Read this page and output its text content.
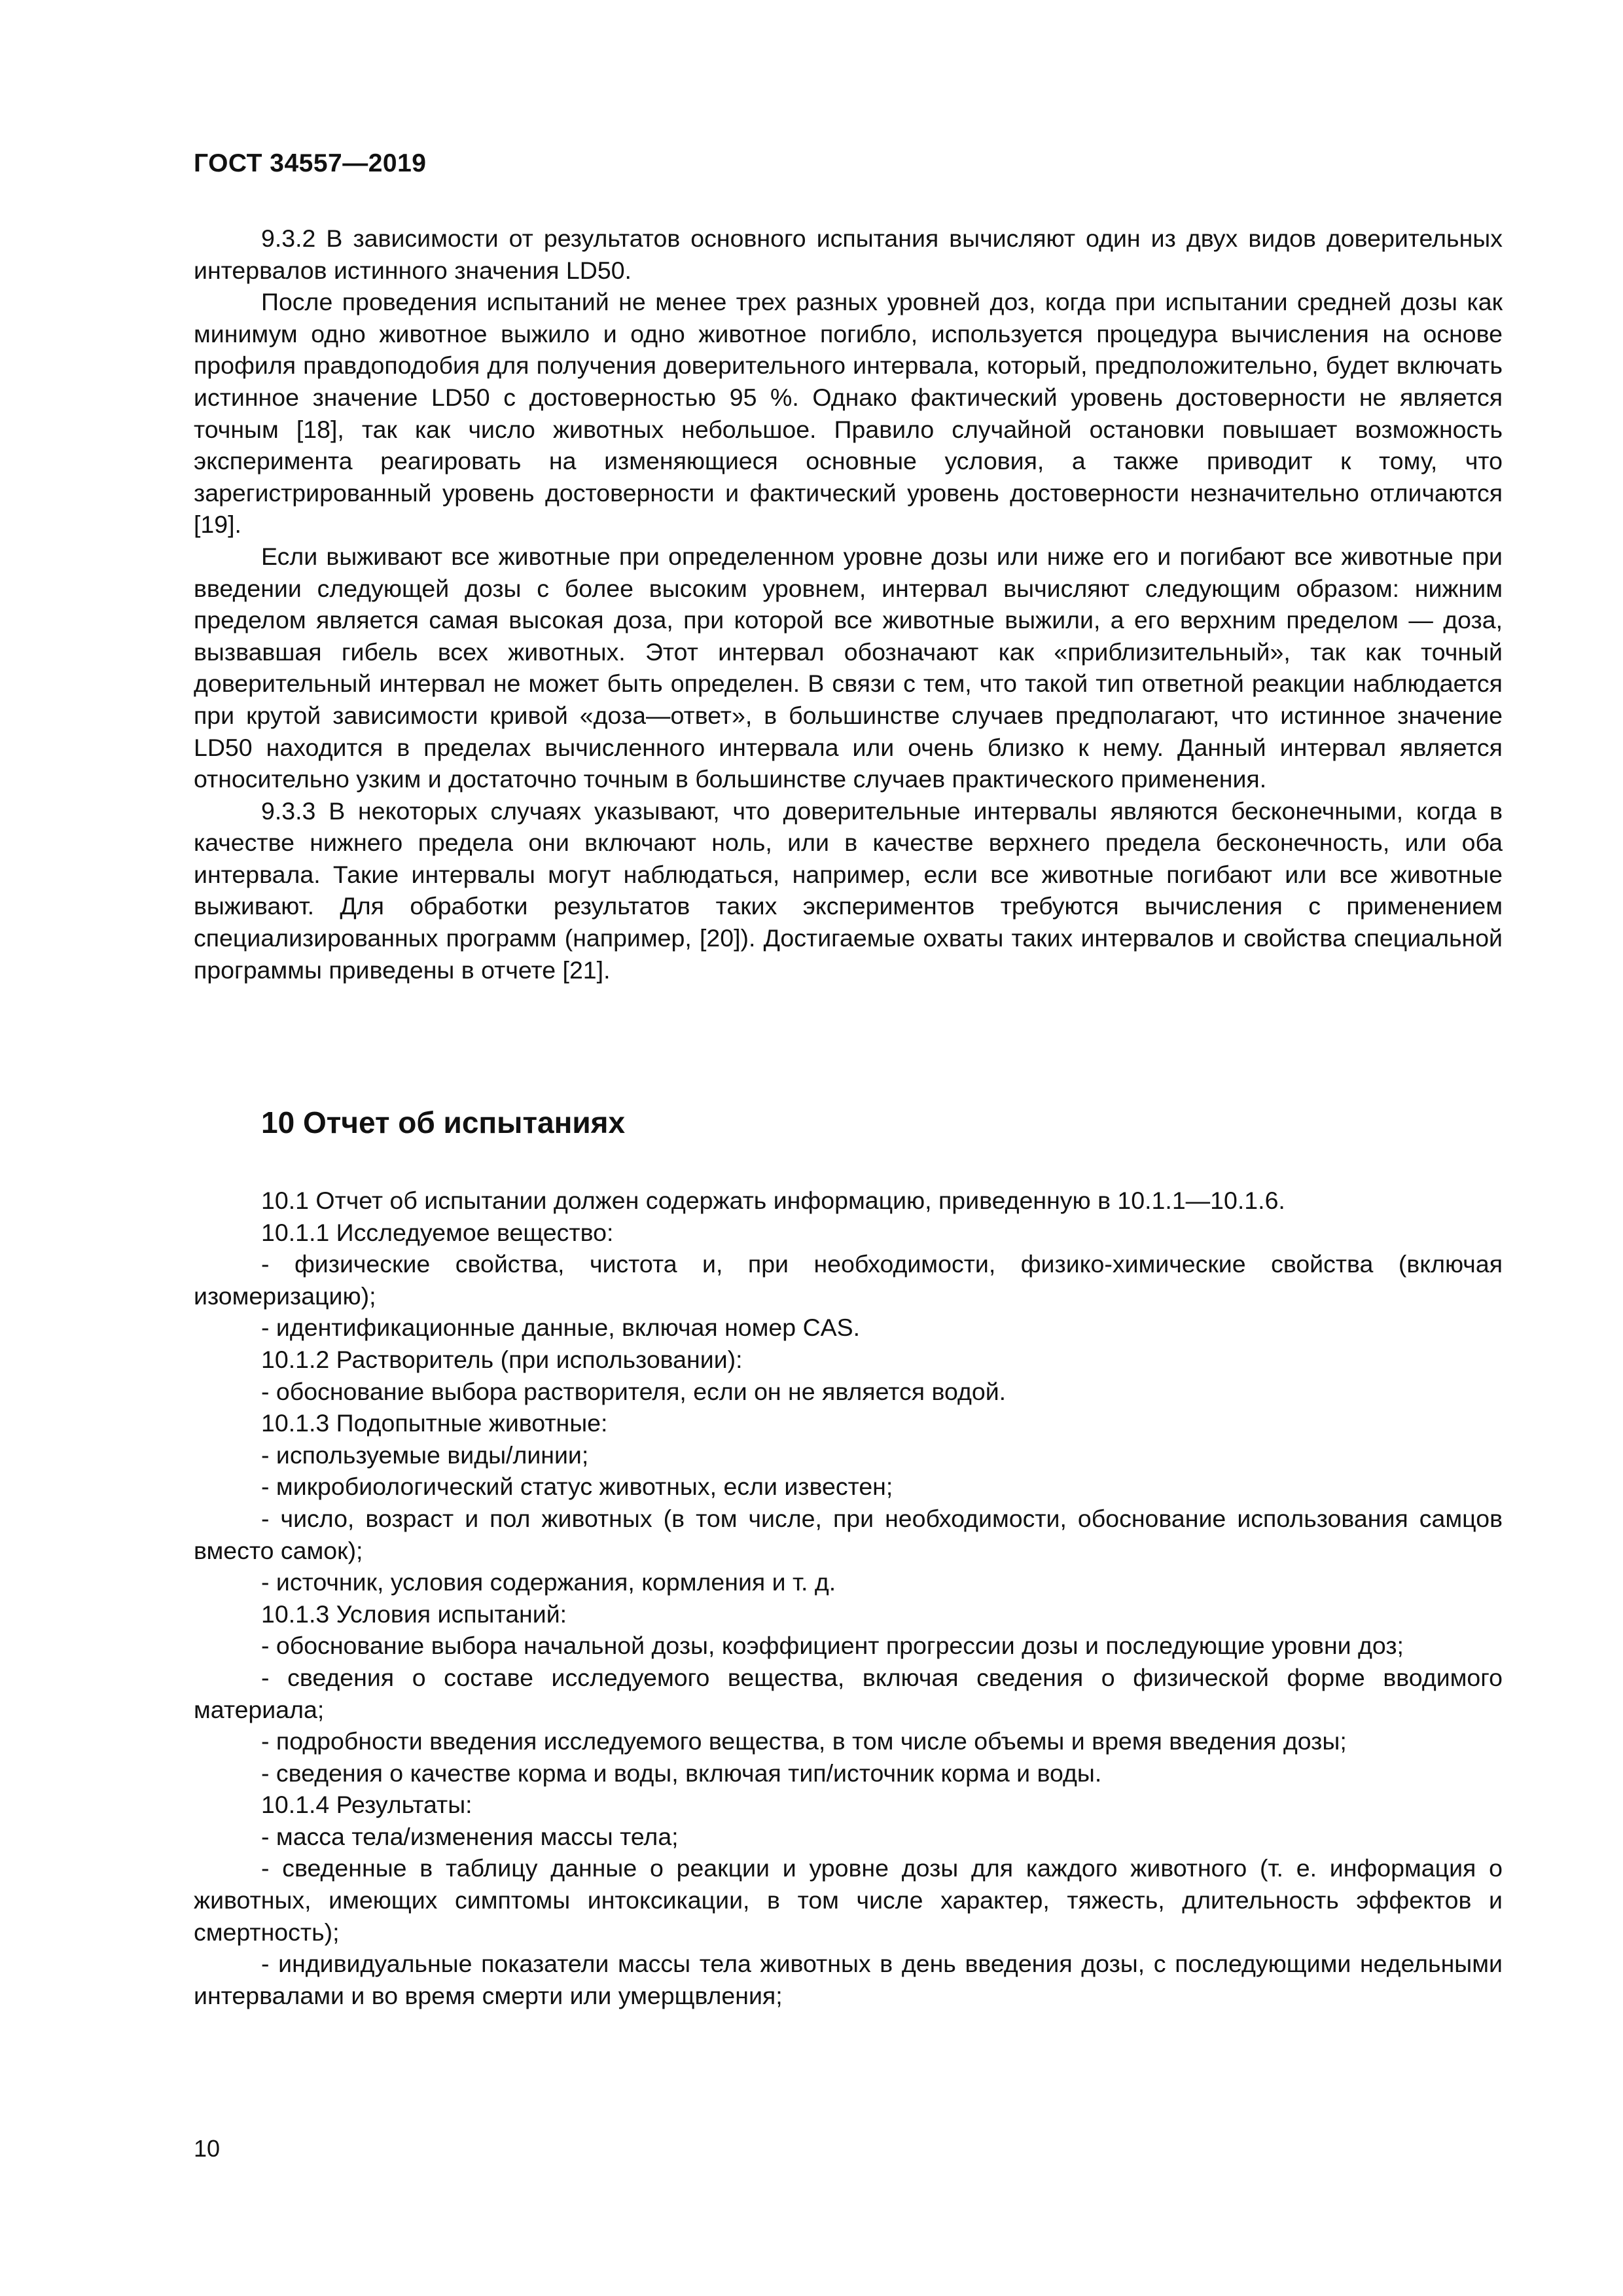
ГОСТ 34557—2019

9.3.2 В зависимости от результатов основного испытания вычисляют один из двух видов доверительных интервалов истинного значения LD50.

После проведения испытаний не менее трех разных уровней доз, когда при испытании средней дозы как минимум одно животное выжило и одно животное погибло, используется процедура вычисления на основе профиля правдоподобия для получения доверительного интервала, который, предположительно, будет включать истинное значение LD50 с достоверностью 95 %. Однако фактический уровень достоверности не является точным [18], так как число животных небольшое. Правило случайной остановки повышает возможность эксперимента реагировать на изменяющиеся основные условия, а также приводит к тому, что зарегистрированный уровень достоверности и фактический уровень достоверности незначительно отличаются [19].

Если выживают все животные при определенном уровне дозы или ниже его и погибают все животные при введении следующей дозы с более высоким уровнем, интервал вычисляют следующим образом: нижним пределом является самая высокая доза, при которой все животные выжили, а его верхним пределом — доза, вызвавшая гибель всех животных. Этот интервал обозначают как «приблизительный», так как точный доверительный интервал не может быть определен. В связи с тем, что такой тип ответной реакции наблюдается при крутой зависимости кривой «доза—ответ», в большинстве случаев предполагают, что истинное значение LD50 находится в пределах вычисленного интервала или очень близко к нему. Данный интервал является относительно узким и достаточно точным в большинстве случаев практического применения.

9.3.3 В некоторых случаях указывают, что доверительные интервалы являются бесконечными, когда в качестве нижнего предела они включают ноль, или в качестве верхнего предела бесконечность, или оба интервала. Такие интервалы могут наблюдаться, например, если все животные погибают или все животные выживают. Для обработки результатов таких экспериментов требуются вычисления с применением специализированных программ (например, [20]). Достигаемые охваты таких интервалов и свойства специальной программы приведены в отчете [21].

10 Отчет об испытаниях

10.1 Отчет об испытании должен содержать информацию, приведенную в 10.1.1—10.1.6.

10.1.1 Исследуемое вещество:

- физические свойства, чистота и, при необходимости, физико-химические свойства (включая изомеризацию);

- идентификационные данные, включая номер CAS.

10.1.2 Растворитель (при использовании):

- обоснование выбора растворителя, если он не является водой.

10.1.3 Подопытные животные:

- используемые виды/линии;

- микробиологический статус животных, если известен;

- число, возраст и пол животных (в том числе, при необходимости, обоснование использования самцов вместо самок);

- источник, условия содержания, кормления и т. д.

10.1.3 Условия испытаний:

- обоснование выбора начальной дозы, коэффициент прогрессии дозы и последующие уровни доз;

- сведения о составе исследуемого вещества, включая сведения о физической форме вводимого материала;

- подробности введения исследуемого вещества, в том числе объемы и время введения дозы;

- сведения о качестве корма и воды, включая тип/источник корма и воды.

10.1.4 Результаты:

- масса тела/изменения массы тела;

- сведенные в таблицу данные о реакции и уровне дозы для каждого животного (т. е. информация о животных, имеющих симптомы интоксикации, в том числе характер, тяжесть, длительность эффектов и смертность);

- индивидуальные показатели массы тела животных в день введения дозы, с последующими недельными интервалами и во время смерти или умерщвления;

10
